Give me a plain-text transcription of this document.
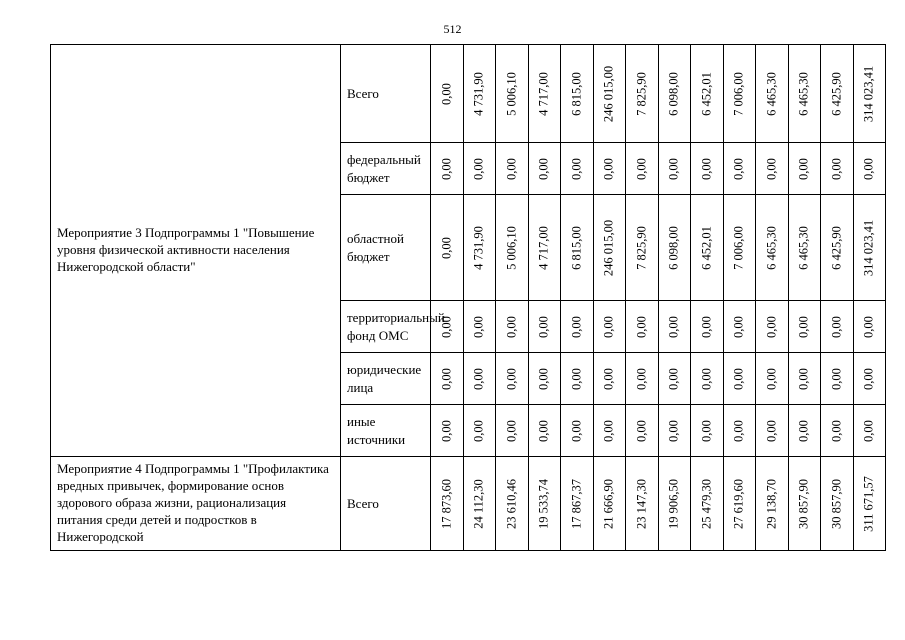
512
Мероприятие 3 Подпрограммы 1 "Повышение уровня физической активности населения Нижегородской области"	Всего	0,00	4 731,90	5 006,10	4 717,00	6 815,00	246 015,00	7 825,90	6 098,00	6 452,01	7 006,00	6 465,30	6 465,30	6 425,90	314 023,41

	федеральный бюджет	0,00	0,00	0,00	0,00	0,00	0,00	0,00	0,00	0,00	0,00	0,00	0,00	0,00	0,00

	областной бюджет	0,00	4 731,90	5 006,10	4 717,00	6 815,00	246 015,00	7 825,90	6 098,00	6 452,01	7 006,00	6 465,30	6 465,30	6 425,90	314 023,41

	территориальный фонд ОМС	0,00	0,00	0,00	0,00	0,00	0,00	0,00	0,00	0,00	0,00	0,00	0,00	0,00	0,00

	юридические лица	0,00	0,00	0,00	0,00	0,00	0,00	0,00	0,00	0,00	0,00	0,00	0,00	0,00	0,00

	иные источники	0,00	0,00	0,00	0,00	0,00	0,00	0,00	0,00	0,00	0,00	0,00	0,00	0,00	0,00

Мероприятие 4 Подпрограммы 1 "Профилактика вредных привычек, формирование основ здорового образа жизни, рационализация питания среди детей и подростков в Нижегородской	Всего	17 873,60	24 112,30	23 610,46	19 533,74	17 867,37	21 666,90	23 147,30	19 906,50	25 479,30	27 619,60	29 138,70	30 857,90	30 857,90	311 671,57
